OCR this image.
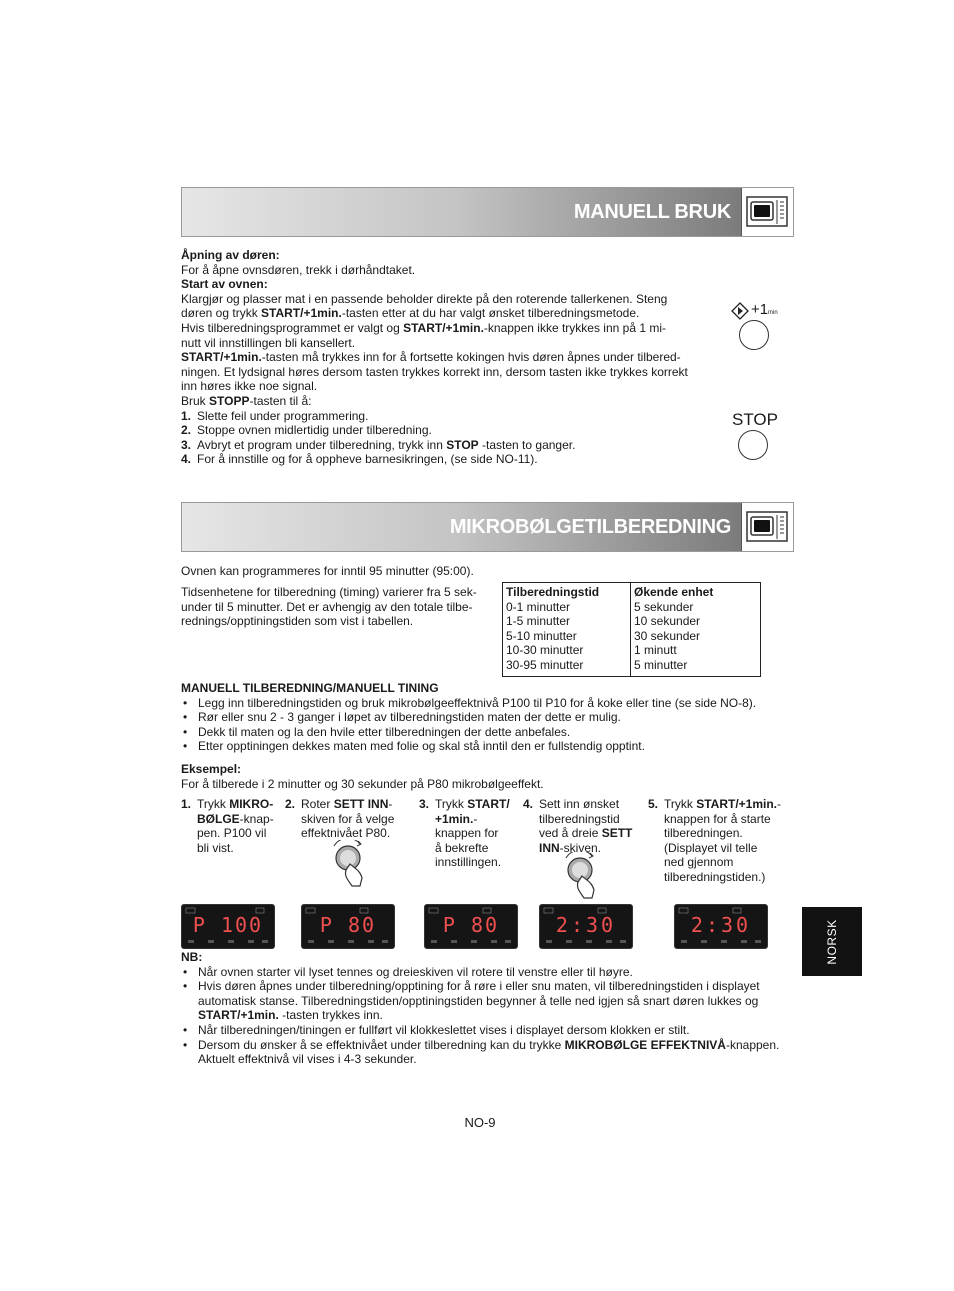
MANUELL BRUK
Åpning av døren:
For å åpne ovnsdøren, trekk i dørhåndtaket.
Start av ovnen:
Klargjør og plasser mat i en passende beholder direkte på den roterende tallerkenen. Steng
døren og trykk START/+1min.-tasten etter at du har valgt ønsket tilberedningsmetode.
Hvis tilberedningsprogrammet er valgt og START/+1min.-knappen ikke trykkes inn på 1 mi-
nutt vil innstillingen bli kansellert.
START/+1min.-tasten må trykkes inn for å fortsette kokingen hvis døren åpnes under tilbered-
ningen. Et lydsignal høres dersom tasten trykkes korrekt inn, dersom tasten ikke trykkes korrekt
inn høres ikke noe signal.
Bruk STOPP-tasten til å:
1. Slette feil under programmering.
2. Stoppe ovnen midlertidig under tilberedning.
3. Avbryt et program under tilberedning, trykk inn STOP -tasten to ganger.
4. For å innstille og for å oppheve barnesikringen, (se side NO-11).
+1 min
STOP
MIKROBØLGETILBEREDNING
Ovnen kan programmeres for inntil 95 minutter (95:00).
Tidsenhetene for tilberedning (timing) varierer fra 5 sek-
under til 5 minutter. Det er avhengig av den totale tilbe-
rednings/opptiningstiden som vist i tabellen.
Tilberedningstid	Økende enhet
0-1 minutter	5 sekunder
1-5 minutter	10 sekunder
5-10 minutter	30 sekunder
10-30 minutter	1 minutt
30-95 minutter	5 minutter
MANUELL TILBEREDNING/MANUELL TINING
• Legg inn tilberedningstiden og bruk mikrobølgeeffektnivå P100 til P10 for å koke eller tine (se side NO-8).
• Rør eller snu 2 - 3 ganger i løpet av tilberedningstiden maten der dette er mulig.
• Dekk til maten og la den hvile etter tilberedningen der dette anbefales.
• Etter opptiningen dekkes maten med folie og skal stå inntil den er fullstendig opptint.
Eksempel:
For å tilberede i 2 minutter og 30 sekunder på P80 mikrobølgeeffekt.
1. Trykk MIKRO-
BØLGE-knap-
pen. P100 vil
bli vist.
2. Roter SETT INN-
skiven for å velge
effektnivået P80.
3. Trykk START/
+1min.-
knappen for
å bekrefte
innstillingen.
4. Sett inn ønsket
tilberedningstid
ved å dreie SETT
INN-skiven.
5. Trykk START/+1min.-
knappen for å starte
tilberedningen.
(Displayet vil telle
ned gjennom
tilberedningstiden.)
P 100	P 80	P 80	2:30	2:30	NORSK
NB:
• Når ovnen starter vil lyset tennes og dreieskiven vil rotere til venstre eller til høyre.
• Hvis døren åpnes under tilberedning/opptining for å røre i eller snu maten, vil tilberedningstiden i displayet
automatisk stanse. Tilberedningstiden/opptiningstiden begynner å telle ned igjen så snart døren lukkes og
START/+1min. -tasten trykkes inn.
• Når tilberedningen/tiningen er fullført vil klokkeslettet vises i displayet dersom klokken er stilt.
• Dersom du ønsker å se effektnivået under tilberedning kan du trykke MIKROBØLGE EFFEKTNIVÅ-knappen.
Aktuelt effektnivå vil vises i 4-3 sekunder.
NO-9
